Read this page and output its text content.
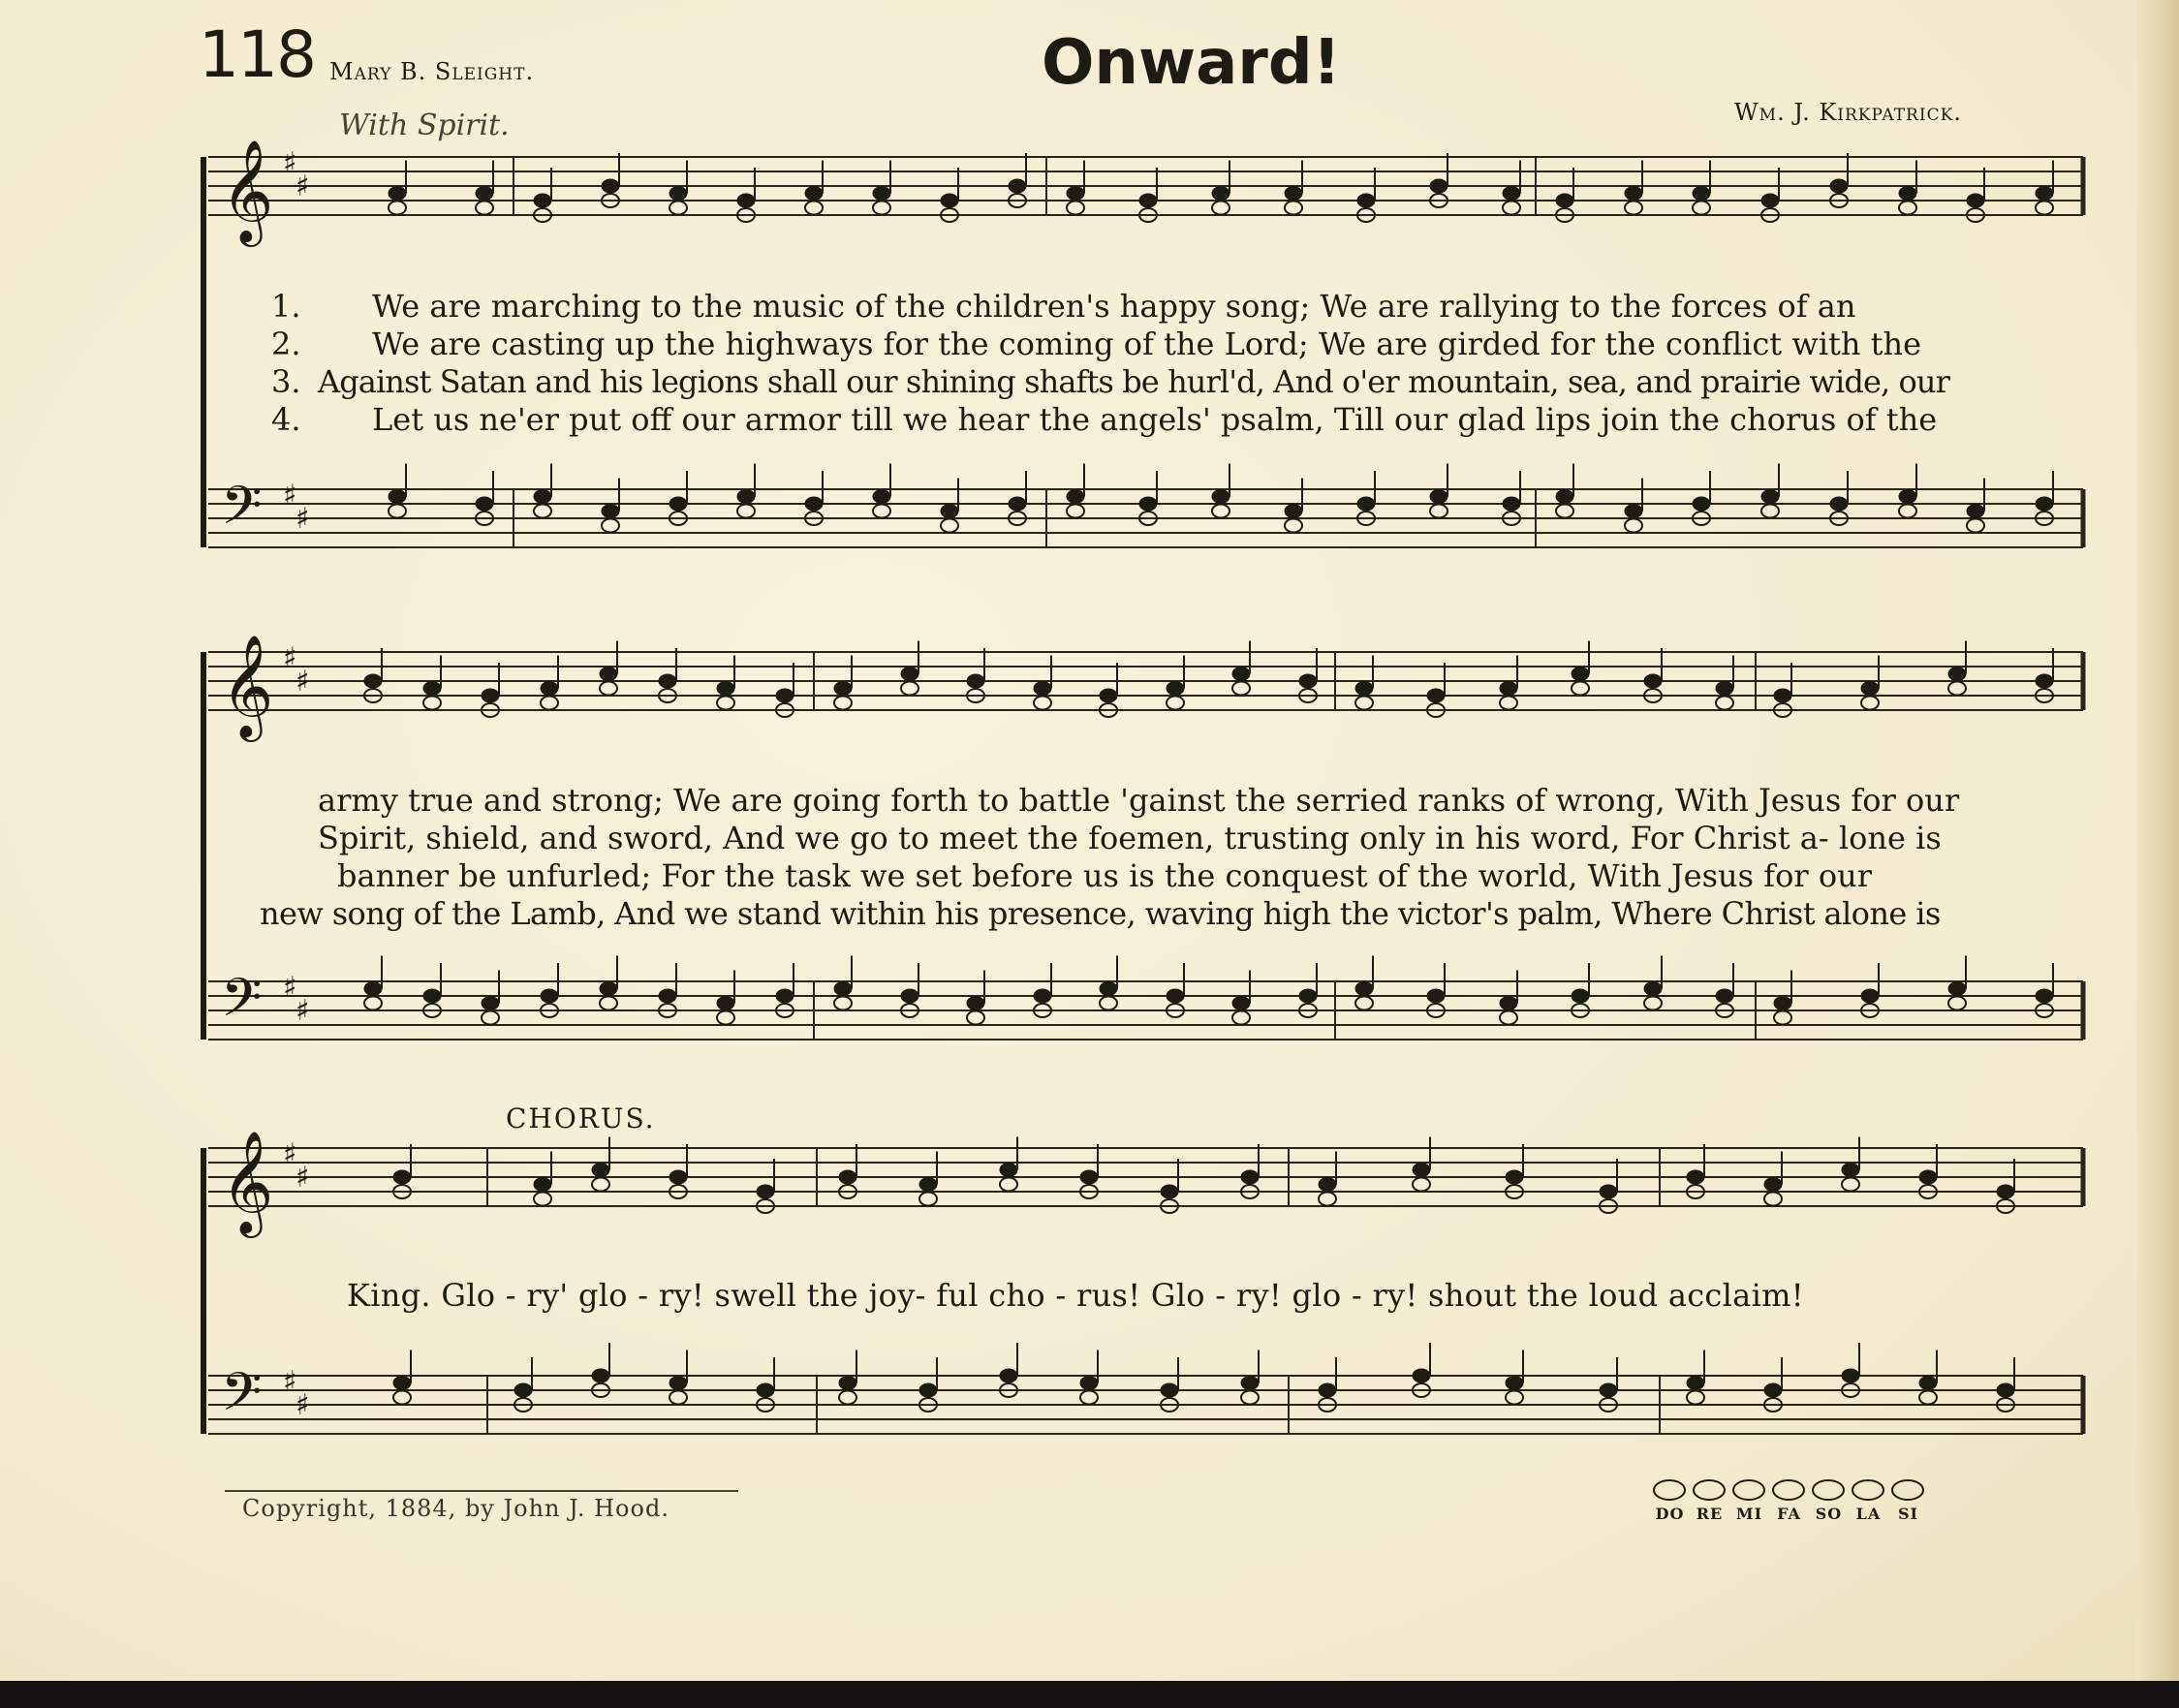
118 Mary B. Sleight.	Onward!
Wm. J. Kirkpatrick.
With Spirit.
𝄞 ♯
♯
𝄢 ♯
♯
𝄞 ♯
♯
𝄢 ♯
♯
𝄞 ♯
♯
𝄢 ♯
♯
1.
2.
3.
4.
We are marching to the music of the children's happy song; We are rallying to the forces of an
We are casting up the highways for the coming of the Lord; We are girded for the conflict with the
Against Satan and his legions shall our shining shafts be hurl'd, And o'er mountain, sea, and prairie wide, our
Let us ne'er put off our armor till we hear the angels' psalm, Till our glad lips join the chorus of the
army true and strong; We are going forth to battle 'gainst the serried ranks of wrong, With Jesus for our
Spirit, shield, and sword, And we go to meet the foemen, trusting only in his word, For Christ a- lone is
banner be unfurled; For the task we set before us is the conquest of the world, With Jesus for our
new song of the Lamb, And we stand within his presence, waving high the victor's palm, Where Christ alone is
CHORUS.
King. Glo - ry' glo - ry! swell the joy- ful cho - rus! Glo - ry! glo - ry! shout the loud acclaim!
Copyright, 1884, by John J. Hood.	DO RE MI FA SO LA SI
